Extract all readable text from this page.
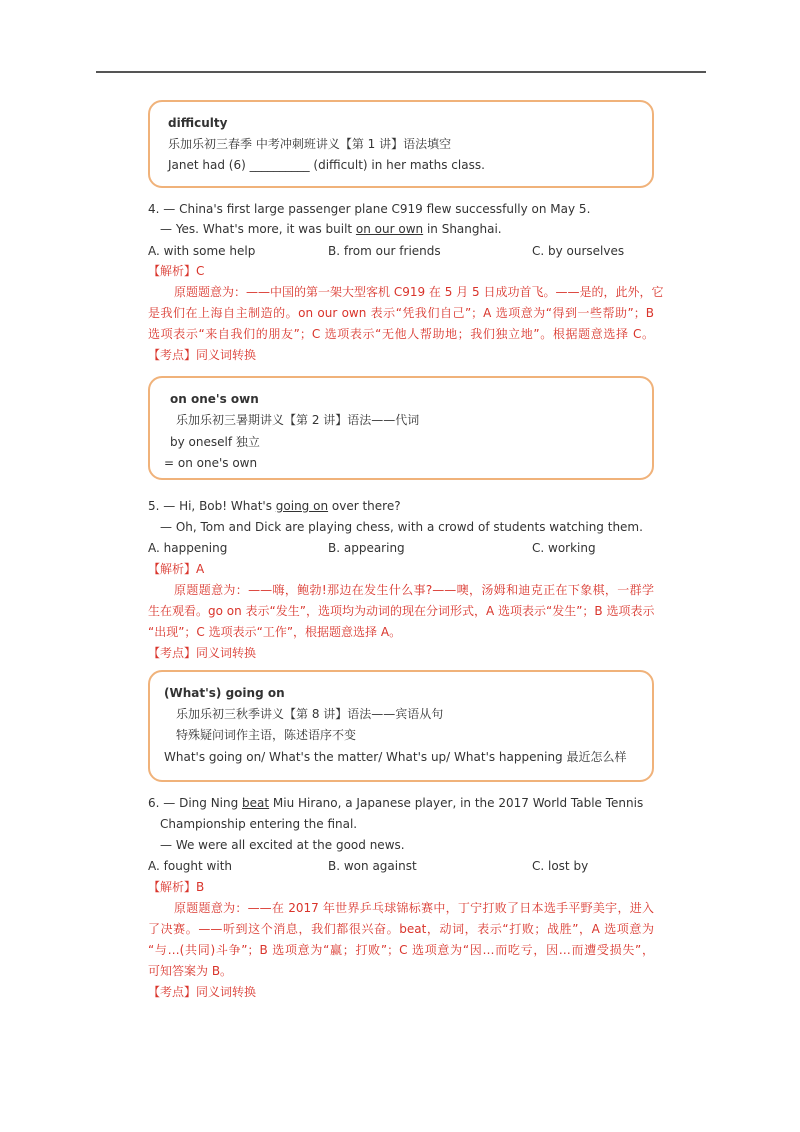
difficulty
乐加乐初三春季 中考冲刺班讲义【第 1 讲】语法填空
Janet had (6) __________ (difficult) in her maths class.
4. — China's first large passenger plane C919 flew successfully on May 5.
— Yes. What's more, it was built on our own in Shanghai.
A. with some help	B. from our friends	C. by ourselves
【解析】C
原题题意为：——中国的第一架大型客机 C919 在 5 月 5 日成功首飞。——是的，此外，它
是我们在上海自主制造的。on our own 表示“凭我们自己”；A 选项意为“得到一些帮助”；B
选项表示“来自我们的朋友”；C 选项表示“无他人帮助地；我们独立地”。根据题意选择 C。
【考点】同义词转换
on one's own
乐加乐初三暑期讲义【第 2 讲】语法——代词
by oneself 独立
= on one's own
5. — Hi, Bob! What's going on over there?
— Oh, Tom and Dick are playing chess, with a crowd of students watching them.
A. happening	B. appearing	C. working
【解析】A
原题题意为：——嗨，鲍勃!那边在发生什么事?——噢，汤姆和迪克正在下象棋，一群学
生在观看。go on 表示“发生”，选项均为动词的现在分词形式，A 选项表示“发生”；B 选项表示
“出现”；C 选项表示“工作”，根据题意选择 A。
【考点】同义词转换
(What's) going on
乐加乐初三秋季讲义【第 8 讲】语法——宾语从句
特殊疑问词作主语，陈述语序不变
What's going on/ What's the matter/ What's up/ What's happening 最近怎么样
6. — Ding Ning beat Miu Hirano, a Japanese player, in the 2017 World Table Tennis
Championship entering the final.
— We were all excited at the good news.
A. fought with	B. won against	C. lost by
【解析】B
原题题意为：——在 2017 年世界乒乓球锦标赛中，丁宁打败了日本选手平野美宇，进入
了决赛。——听到这个消息，我们都很兴奋。beat，动词，表示“打败；战胜”，A 选项意为
“与…(共同)斗争”；B 选项意为“赢；打败”；C 选项意为“因…而吃亏，因…而遭受损失”，
可知答案为 B。
【考点】同义词转换
